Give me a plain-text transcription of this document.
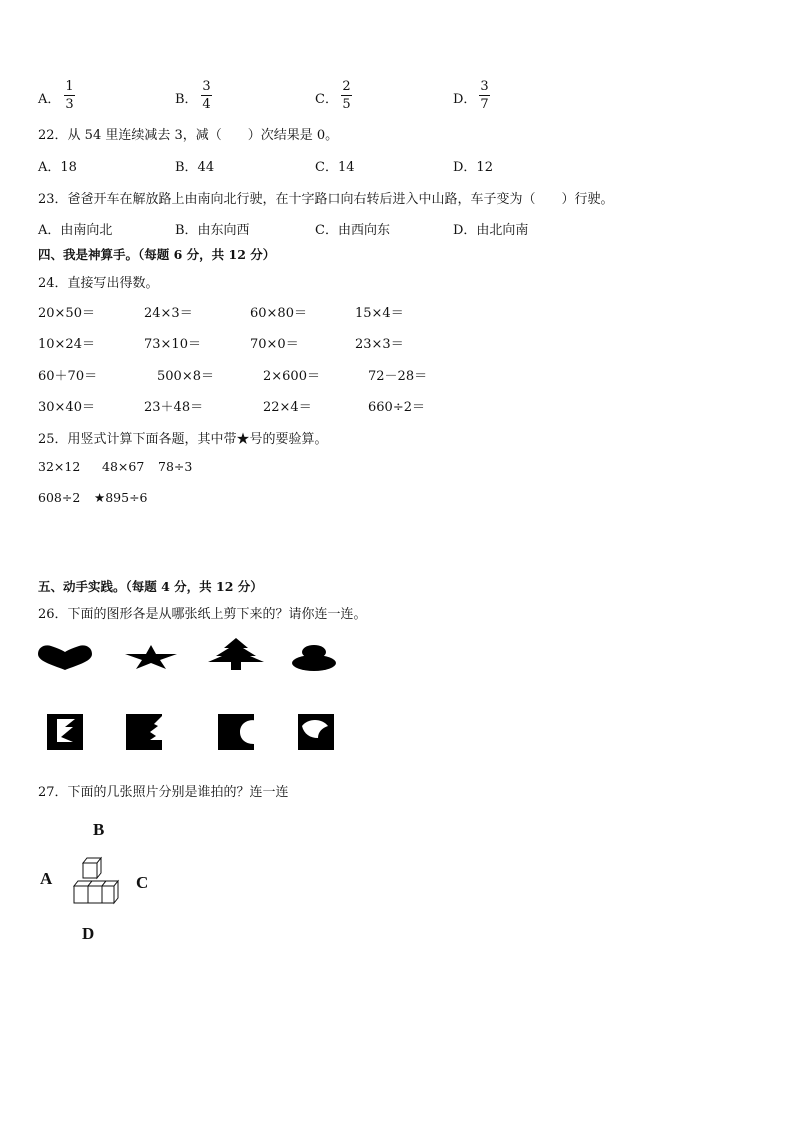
A．
1
3	B．
3
4	C．
2
5	D．
3
7
22．从 54 里连续减去 3，减（　　）次结果是 0。
A．18	B．44	C．14	D．12
23．爸爸开车在解放路上由南向北行驶，在十字路口向右转后进入中山路，车子变为（　　）行驶。
A．由南向北	B．由东向西	C．由西向东	D．由北向南
四、我是神算手。（每题 6 分，共 12 分）
24．直接写出得数。
20×50＝	24×3＝	60×80＝	15×4＝
10×24＝	73×10＝	70×0＝	23×3＝
60＋70＝	500×8＝	2×600＝	72－28＝
30×40＝	23＋48＝	22×4＝	660÷2＝
25．用竖式计算下面各题，其中带★号的要验算。
32×12 48×67 78÷3
608÷2 ★895÷6
五、动手实践。（每题 4 分，共 12 分）
26．下面的图形各是从哪张纸上剪下来的？请你连一连。
27．下面的几张照片分别是谁拍的？连一连
B
A	C
D
